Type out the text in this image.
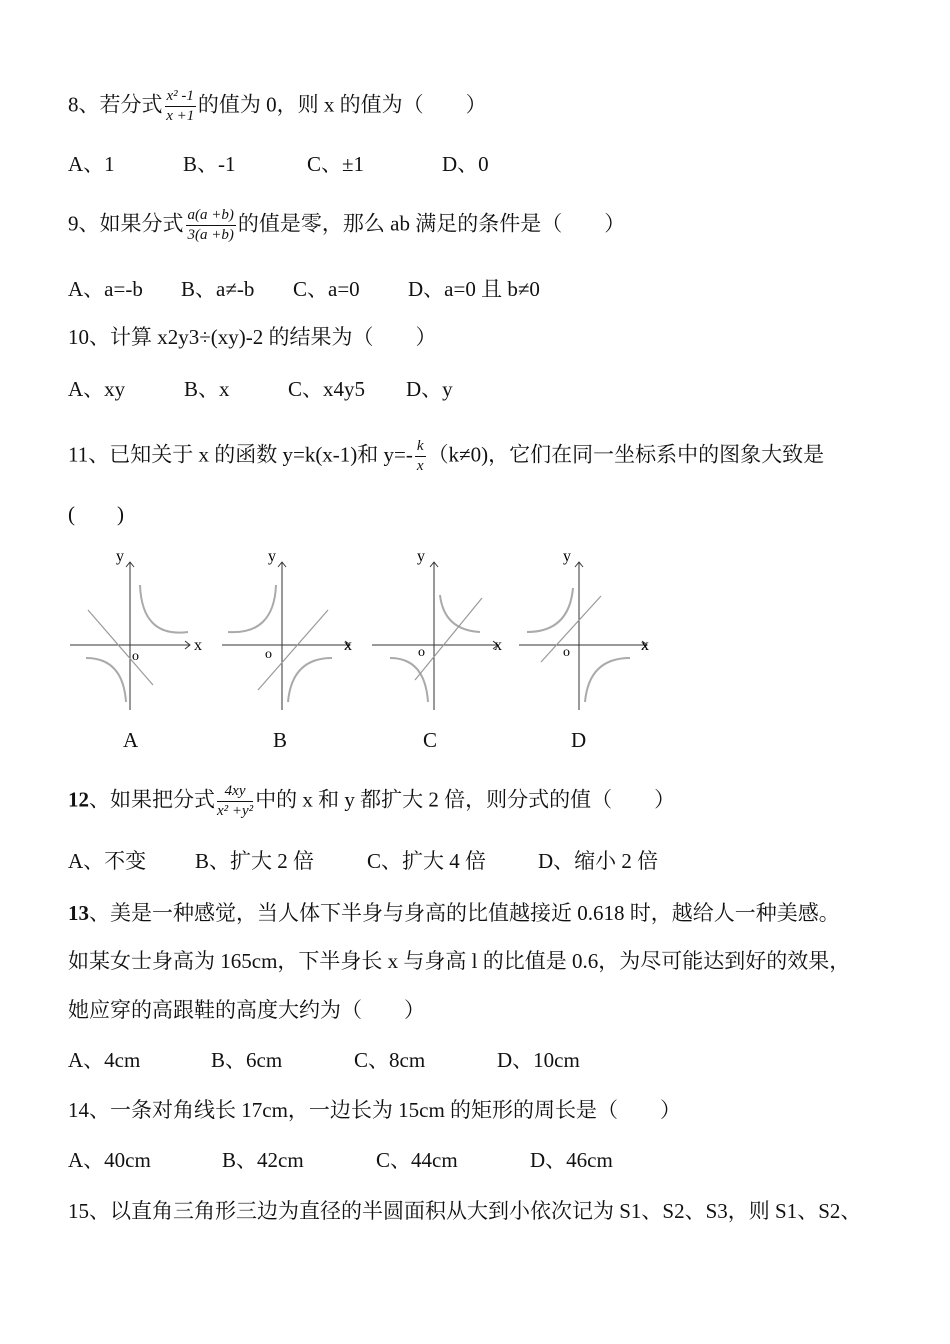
8、若分式 $\frac{\text{x² -1}}{x +1}$ 的值为 0，则 x 的值为（　　）
A、1	B、-1	C、±1	D、0
9、如果分式 $\frac{a(a +b)}{3(a +b)}$ 的值是零，那么 ab 满足的条件是（　　）
A、a=-b B、a≠-b C、a=0 D、a=0 且 b≠0
10、计算 x2y3÷(xy)-2 的结果为（　　）
A、xy	B、x	C、x4y5 D、y
11、已知关于 x 的函数 y=k(x-1)和 $y=- \frac{k}{x} (k\ne 0)$，它们在同一坐标系中的图象大致是
(　　)
y
x
o
y
x
o
y
x
o
y
x
o
A	B	C	D
12、如果把分式 $\frac{4xy}{\text{x² +y²}}$ 中的 x 和 y 都扩大 2 倍，则分式的值（　　）
A、不变 B、扩大 2 倍	C、扩大 4 倍 D、缩小 2 倍
13、美是一种感觉，当人体下半身与身高的比值越接近 0.618 时，越给人一种美感。
如某女士身高为 165cm，下半身长 x 与身高 l 的比值是 0.6，为尽可能达到好的效果，
她应穿的高跟鞋的高度大约为（　　）
A、4cm	B、6cm	C、8cm	D、10cm
14、一条对角线长 17cm，一边长为 15cm 的矩形的周长是（　　）
A、40cm	B、42cm	C、44cm	D、46cm
15、以直角三角形三边为直径的半圆面积从大到小依次记为 S1、S2、S3，则 S1、S2、
